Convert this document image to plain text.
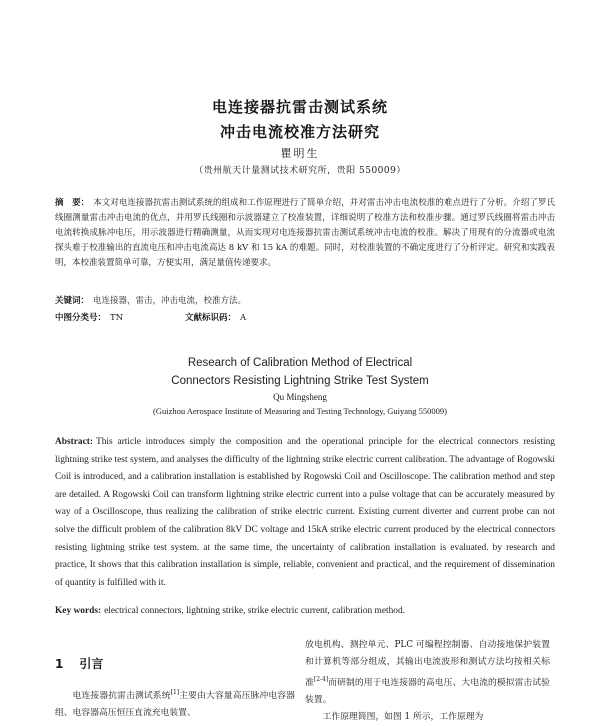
电连接器抗雷击测试系统
冲击电流校准方法研究
瞿明生
（贵州航天计量测试技术研究所，贵阳 550009）
摘　要： 本文对电连接器抗雷击测试系统的组成和工作原理进行了简单介绍，并对雷击冲击电流校准的难点进行了分析。介绍了罗氏线圈测量雷击冲击电流的优点，并用罗氏线圈和示波器建立了校准装置，详细说明了校准方法和校准步骤。通过罗氏线圈将雷击冲击电流转换成脉冲电压，用示波器进行精确测量，从而实现对电连接器抗雷击测试系统冲击电流的校准。解决了用现有的分流器或电流探头难于校准输出的直流电压和冲击电流高达 8 kV 和 15 kA 的难题。同时，对校准装置的不确定度进行了分析评定。研究和实践表明，本校准装置简单可靠，方便实用，满足量值传递要求。
关键词： 电连接器，雷击，冲击电流，校准方法。
中图分类号： TN	文献标识码： A
Research of Calibration Method of Electrical
Connectors Resisting Lightning Strike Test System
Qu Mingsheng
(Guizhou Aerospace Institute of Measuring and Testing Technology, Guiyang 550009)
Abstract: This article introduces simply the composition and the operational principle for the electrical connectors resisting lightning strike test system, and analyses the difficulty of the lightning strike electric current calibration. The advantage of Rogowski Coil is introduced, and a calibration installation is established by Rogowski Coil and Oscilloscope. The calibration method and step are detailed. A Rogowski Coil can transform lightning strike electric current into a pulse voltage that can be accurately measured by way of a Oscilloscope, thus realizing the calibration of strike electric current. Existing current diverter and current probe can not solve the difficult problem of the calibration 8kV DC voltage and 15kA strike electric current produced by the electrical connectors resisting lightning strike test system. at the same time, the uncertainty of calibration installation is evaluated. by research and practice, It shows that this calibration installation is simple, reliable, convenient and practical, and the requirement of dissemination of quantity is fulfilled with it.
Key words: electrical connectors, lightning strike, strike electric current, calibration method.
1 引言
电连接器抗雷击测试系统[1]主要由大容量高压脉冲电容器组、电容器高压恒压直流充电装置、
放电机构、测控单元、PLC 可编程控制器、自动接地保护装置和计算机等部分组成，其输出电流波形和测试方法均按相关标准[2-4]而研制的用于电连接器的高电压、大电流的模拟雷击试验装置。
工作原理简图，如图 1 所示，工作原理为
